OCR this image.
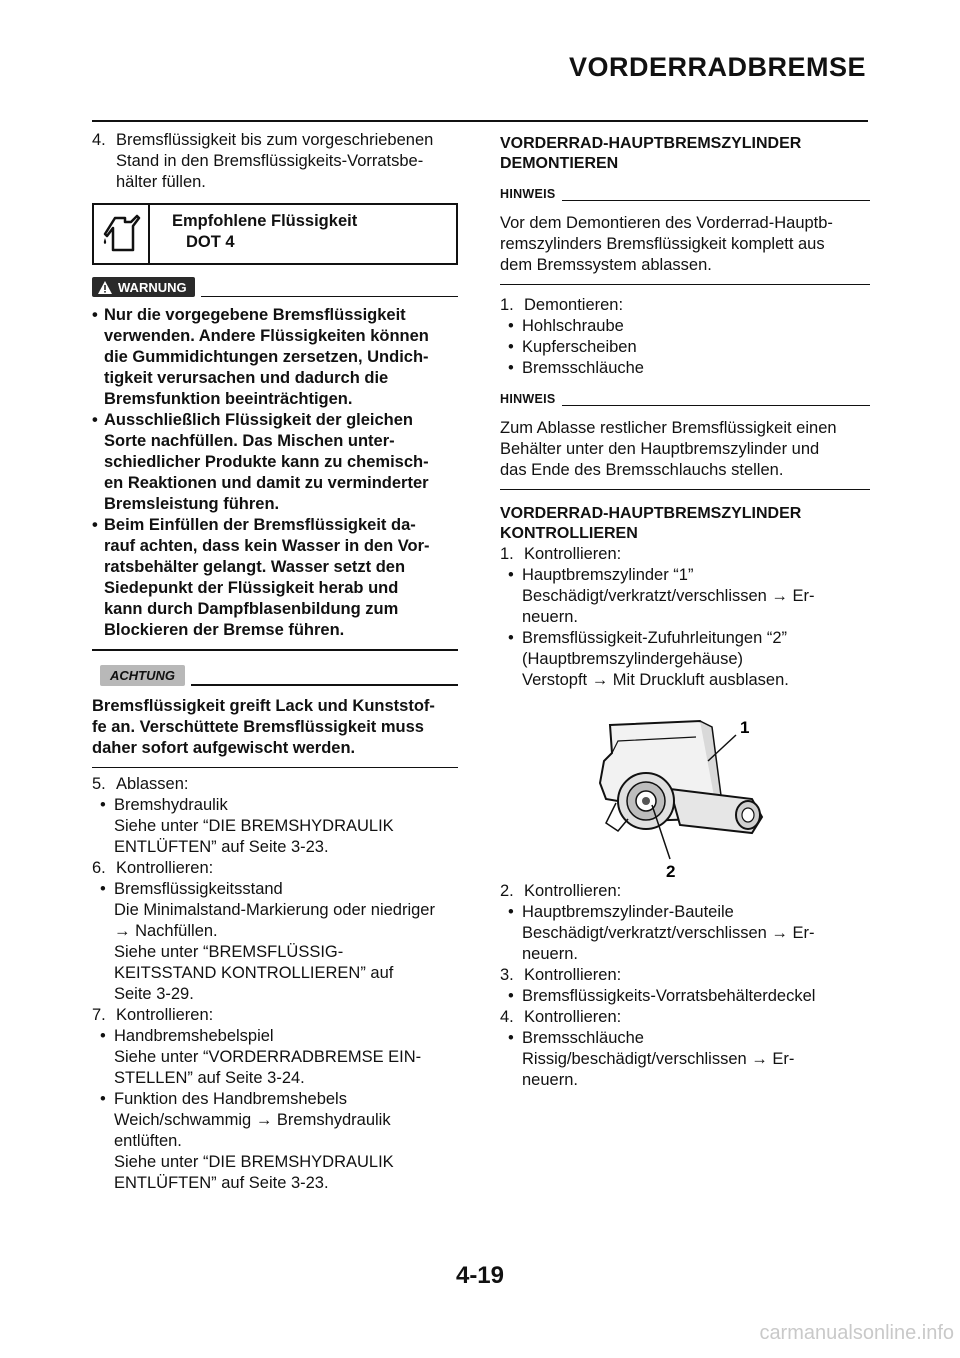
VORDERRADBREMSE
4. Bremsflüssigkeit bis zum vorgeschriebenen
Stand in den Bremsflüssigkeits-Vorratsbe-
hälter füllen.
Empfohlene Flüssigkeit
DOT 4
WARNUNG
• Nur die vorgegebene Bremsflüssigkeit
verwenden. Andere Flüssigkeiten können
die Gummidichtungen zersetzen, Undich-
tigkeit verursachen und dadurch die
Bremsfunktion beeinträchtigen.
• Ausschließlich Flüssigkeit der gleichen
Sorte nachfüllen. Das Mischen unter-
schiedlicher Produkte kann zu chemisch-
en Reaktionen und damit zu verminderter
Bremsleistung führen.
• Beim Einfüllen der Bremsflüssigkeit da-
rauf achten, dass kein Wasser in den Vor-
ratsbehälter gelangt. Wasser setzt den
Siedepunkt der Flüssigkeit herab und
kann durch Dampfblasenbildung zum
Blockieren der Bremse führen.
ACHTUNG
Bremsflüssigkeit greift Lack und Kunststof-
fe an. Verschüttete Bremsflüssigkeit muss
daher sofort aufgewischt werden.
5. Ablassen:
• Bremshydraulik
Siehe unter “DIE BREMSHYDRAULIK
ENTLÜFTEN” auf Seite 3-23.
6. Kontrollieren:
• Bremsflüssigkeitsstand
Die Minimalstand-Markierung oder niedriger
→ Nachfüllen.
Siehe unter “BREMSFLÜSSIG-
KEITSSTAND KONTROLLIEREN” auf
Seite 3-29.
7. Kontrollieren:
• Handbremshebelspiel
Siehe unter “VORDERRADBREMSE EIN-
STELLEN” auf Seite 3-24.
• Funktion des Handbremshebels
Weich/schwammig → Bremshydraulik
entlüften.
Siehe unter “DIE BREMSHYDRAULIK
ENTLÜFTEN” auf Seite 3-23.
VORDERRAD-HAUPTBREMSZYLINDER
DEMONTIEREN
HINWEIS
Vor dem Demontieren des Vorderrad-Hauptb-
remszylinders Bremsflüssigkeit komplett aus
dem Bremssystem ablassen.
1. Demontieren:
• Hohlschraube
• Kupferscheiben
• Bremsschläuche
HINWEIS
Zum Ablasse restlicher Bremsflüssigkeit einen
Behälter unter den Hauptbremszylinder und
das Ende des Bremsschlauchs stellen.
VORDERRAD-HAUPTBREMSZYLINDER
KONTROLLIEREN
1. Kontrollieren:
• Hauptbremszylinder “1”
Beschädigt/verkratzt/verschlissen → Er-
neuern.
• Bremsflüssigkeit-Zufuhrleitungen “2”
(Hauptbremszylindergehäuse)
Verstopft → Mit Druckluft ausblasen.
1
2
2. Kontrollieren:
• Hauptbremszylinder-Bauteile
Beschädigt/verkratzt/verschlissen → Er-
neuern.
3. Kontrollieren:
• Bremsflüssigkeits-Vorratsbehälterdeckel
4. Kontrollieren:
• Bremsschläuche
Rissig/beschädigt/verschlissen → Er-
neuern.
4-19
carmanualsonline.info
